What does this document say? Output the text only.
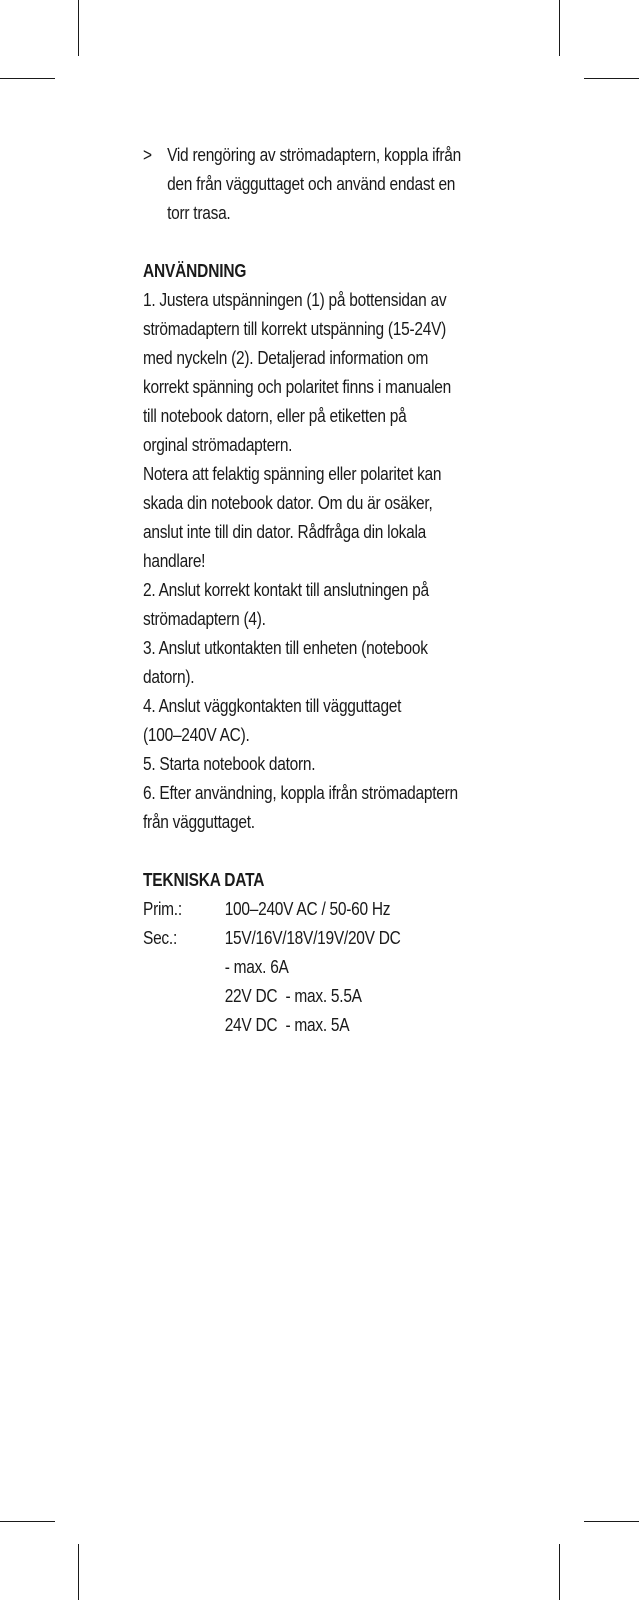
> Vid rengöring av strömadaptern, koppla ifrån
den från vägguttaget och använd endast en
torr trasa.
ANVÄNDNING
1. Justera utspänningen (1) på bottensidan av
strömadaptern till korrekt utspänning (15-24V)
med nyckeln (2). Detaljerad information om
korrekt spänning och polaritet finns i manualen
till notebook datorn, eller på etiketten på
orginal strömadaptern.
Notera att felaktig spänning eller polaritet kan
skada din notebook dator. Om du är osäker,
anslut inte till din dator. Rådfråga din lokala
handlare!
2. Anslut korrekt kontakt till anslutningen på
strömadaptern (4).
3. Anslut utkontakten till enheten (notebook
datorn).
4. Anslut väggkontakten till vägguttaget
(100–240V AC).
5. Starta notebook datorn.
6. Efter användning, koppla ifrån strömadaptern
från vägguttaget.
TEKNISKA DATA
Prim.:	100–240V AC / 50-60 Hz
Sec.:	15V/16V/18V/19V/20V DC
- max. 6A
22V DC  - max. 5.5A
24V DC  - max. 5A
